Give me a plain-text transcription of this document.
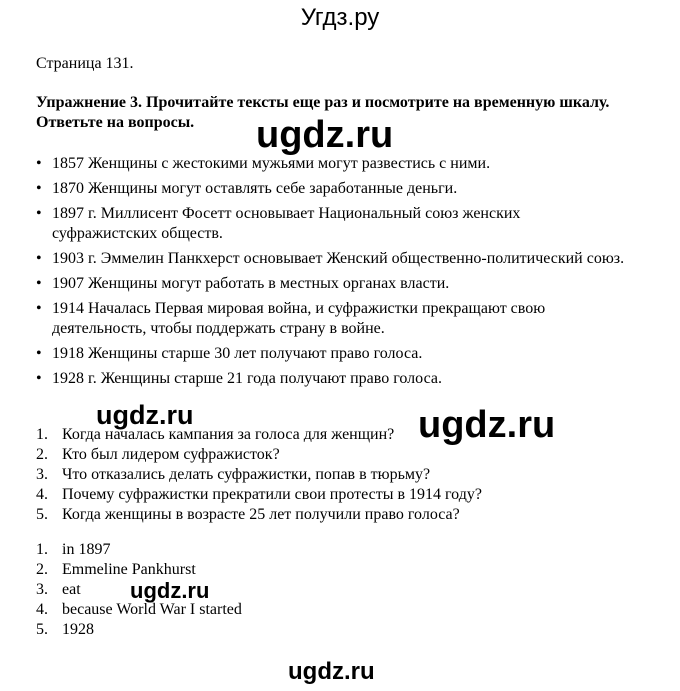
Угдз.ру
Страница 131.
Упражнение 3. Прочитайте тексты еще раз и посмотрите на временную шкалу. Ответьте на вопросы.
• 1857 Женщины с жестокими мужьями могут развестись с ними.
• 1870 Женщины могут оставлять себе заработанные деньги.
• 1897 г. Миллисент Фосетт основывает Национальный союз женских суфражистских обществ.
• 1903 г. Эммелин Панкхерст основывает Женский общественно-политический союз.
• 1907 Женщины могут работать в местных органах власти.
• 1914 Началась Первая мировая война, и суфражистки прекращают свою деятельность, чтобы поддержать страну в войне.
• 1918 Женщины старше 30 лет получают право голоса.
• 1928 г. Женщины старше 21 года получают право голоса.
1. Когда началась кампания за голоса для женщин?
2. Кто был лидером суфражисток?
3. Что отказались делать суфражистки, попав в тюрьму?
4. Почему суфражистки прекратили свои протесты в 1914 году?
5. Когда женщины в возрасте 25 лет получили право голоса?
1. in 1897
2. Emmeline Pankhurst
3. eat
4. because World War I started
5. 1928
ugdz.ru
ugdz.ru	ugdz.ru
ugdz.ru
ugdz.ru
